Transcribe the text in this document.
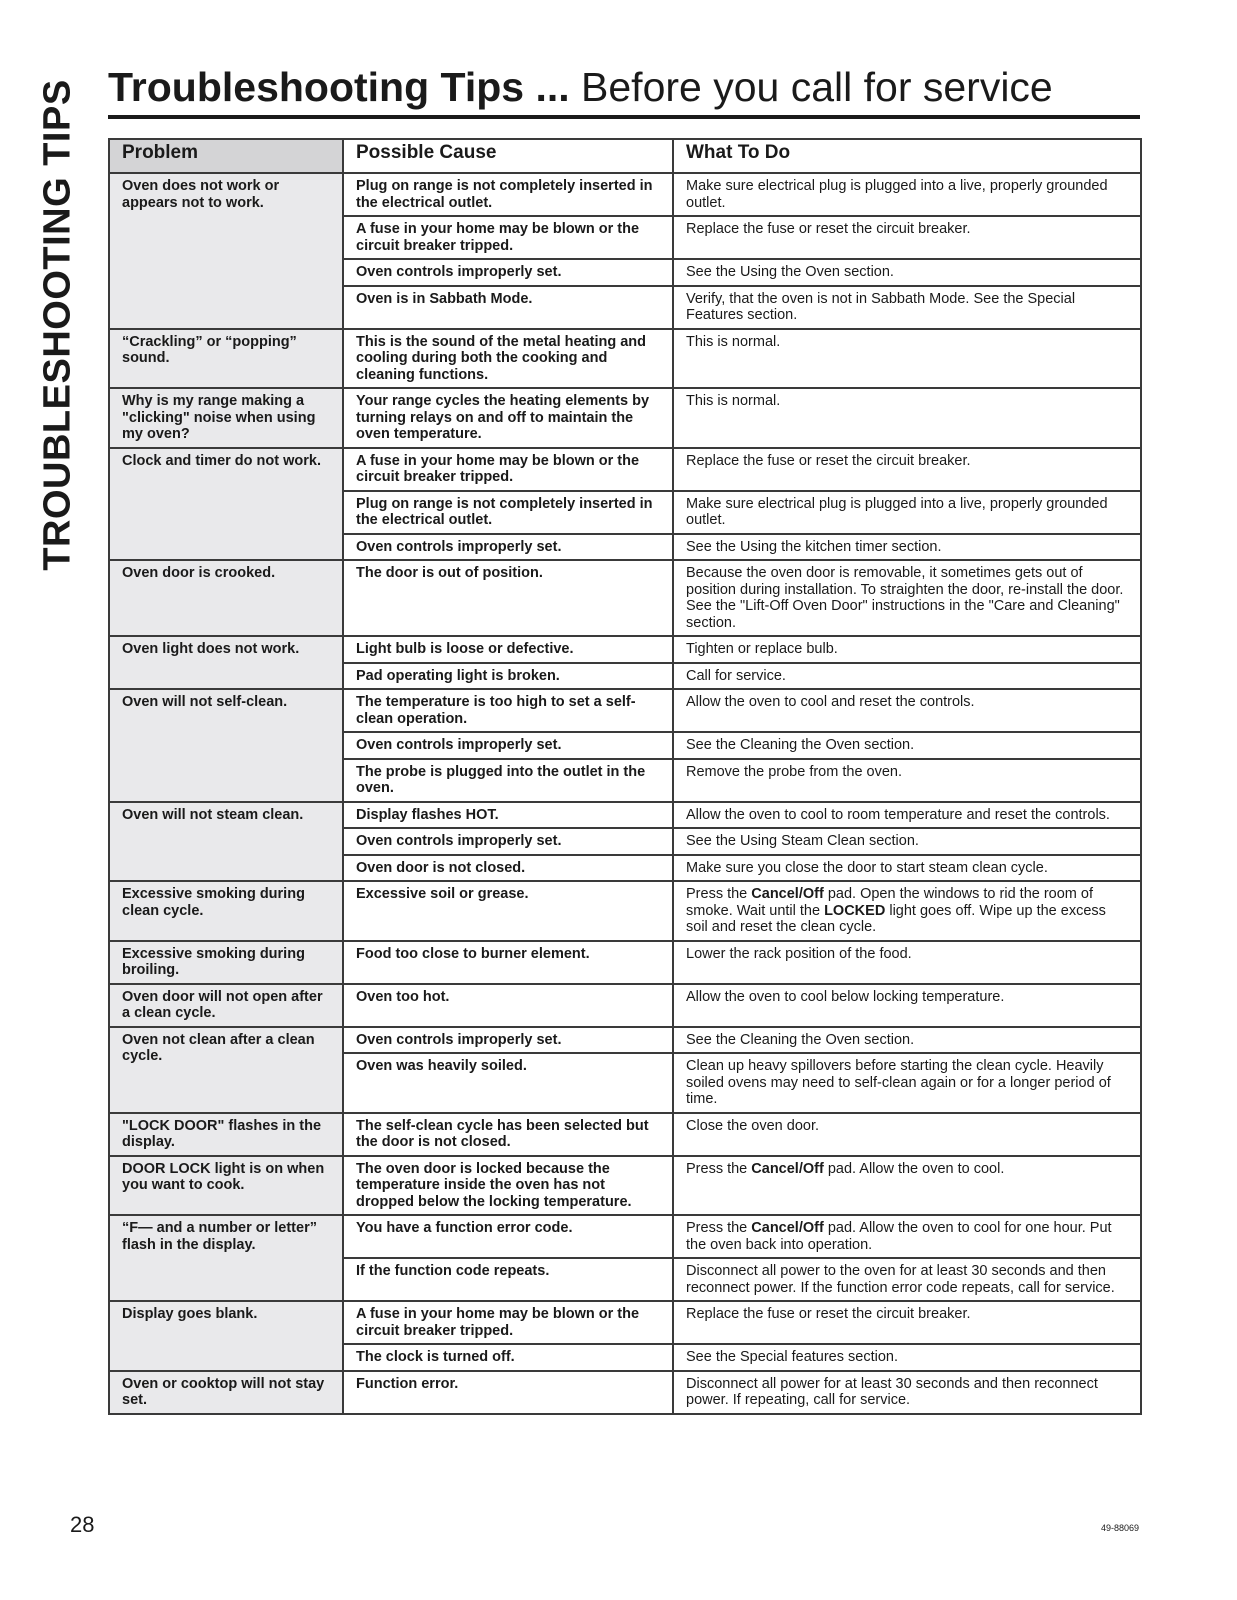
TROUBLESHOOTING TIPS Troubleshooting Tips ... Before you call for service
Problem	Possible Cause	What To Do
Oven does not work or appears not to work.	Plug on range is not completely inserted in the electrical outlet.	Make sure electrical plug is plugged into a live, properly grounded outlet.
	A fuse in your home may be blown or the circuit breaker tripped.	Replace the fuse or reset the circuit breaker.
	Oven controls improperly set.	See the Using the Oven section.
	Oven is in Sabbath Mode.	Verify, that the oven is not in Sabbath Mode. See the Special Features section.
“Crackling” or “popping” sound.	This is the sound of the metal heating and cooling during both the cooking and cleaning functions.	This is normal.
Why is my range making a "clicking" noise when using my oven?	Your range cycles the heating elements by turning relays on and off to maintain the oven temperature.	This is normal.
Clock and timer do not work.	A fuse in your home may be blown or the circuit breaker tripped.	Replace the fuse or reset the circuit breaker.
	Plug on range is not completely inserted in the electrical outlet.	Make sure electrical plug is plugged into a live, properly grounded outlet.
	Oven controls improperly set.	See the Using the kitchen timer section.
Oven door is crooked.	The door is out of position.	Because the oven door is removable, it sometimes gets out of position during installation. To straighten the door, re-install the door. See the "Lift-Off Oven Door" instructions in the "Care and Cleaning" section.
Oven light does not work.	Light bulb is loose or defective.	Tighten or replace bulb.
	Pad operating light is broken.	Call for service.
Oven will not self-clean.	The temperature is too high to set a self-clean operation.	Allow the oven to cool and reset the controls.
	Oven controls improperly set.	See the Cleaning the Oven section.
	The probe is plugged into the outlet in the oven.	Remove the probe from the oven.
Oven will not steam clean.	Display flashes HOT.	Allow the oven to cool to room temperature and reset the controls.
	Oven controls improperly set.	See the Using Steam Clean section.
	Oven door is not closed.	Make sure you close the door to start steam clean cycle.
Excessive smoking during clean cycle.	Excessive soil or grease.	Press the Cancel/Off pad. Open the windows to rid the room of smoke. Wait until the LOCKED light goes off. Wipe up the excess soil and reset the clean cycle.
Excessive smoking during broiling.	Food too close to burner element.	Lower the rack position of the food.
Oven door will not open after a clean cycle.	Oven too hot.	Allow the oven to cool below locking temperature.
Oven not clean after a clean cycle.	Oven controls improperly set.	See the Cleaning the Oven section.
	Oven was heavily soiled.	Clean up heavy spillovers before starting the clean cycle. Heavily soiled ovens may need to self-clean again or for a longer period of time.
"LOCK DOOR" flashes in the display.	The self-clean cycle has been selected but the door is not closed.	Close the oven door.
DOOR LOCK light is on when you want to cook.	The oven door is locked because the temperature inside the oven has not dropped below the locking temperature.	Press the Cancel/Off pad. Allow the oven to cool.
“F— and a number or letter” flash in the display.	You have a function error code.	Press the Cancel/Off pad. Allow the oven to cool for one hour. Put the oven back into operation.
	If the function code repeats.	Disconnect all power to the oven for at least 30 seconds and then reconnect power. If the function error code repeats, call for service.
Display goes blank.	A fuse in your home may be blown or the circuit breaker tripped.	Replace the fuse or reset the circuit breaker.
	The clock is turned off.	See the Special features section.
Oven or cooktop will not stay set.	Function error.	Disconnect all power for at least 30 seconds and then reconnect power. If repeating, call for service.
28	49-88069
